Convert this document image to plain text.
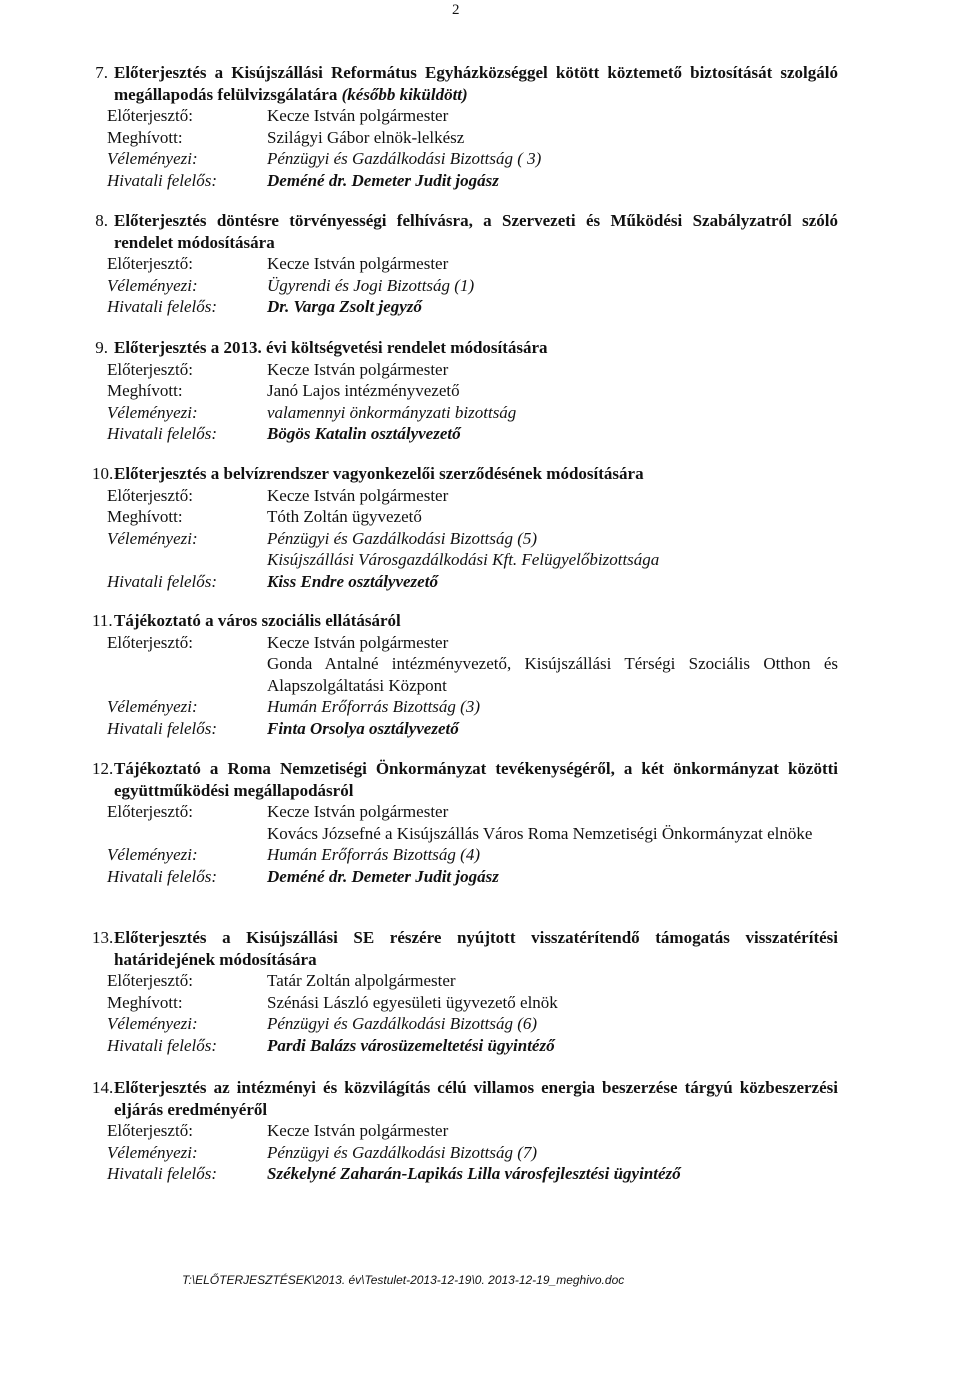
2
7. Előterjesztés a Kisújszállási Református Egyházközséggel kötött köztemető biztosítását szolgáló megállapodás felülvizsgálatára (később kiküldött)
Előterjesztő:	Kecze István polgármester
Meghívott:	Szilágyi Gábor elnök-lelkész
Véleményezi:	Pénzügyi és Gazdálkodási Bizottság ( 3)
Hivatali felelős:	Deméné dr. Demeter Judit jogász
8. Előterjesztés döntésre törvényességi felhívásra, a Szervezeti és Működési Szabályzatról szóló rendelet módosítására
Előterjesztő:	Kecze István polgármester
Véleményezi:	Ügyrendi és Jogi Bizottság (1)
Hivatali felelős:	Dr. Varga Zsolt jegyző
9. Előterjesztés a 2013. évi költségvetési rendelet módosítására
Előterjesztő:	Kecze István polgármester
Meghívott:	Janó Lajos intézményvezető
Véleményezi:	valamennyi önkormányzati bizottság
Hivatali felelős:	Bögös Katalin osztályvezető
10. Előterjesztés a belvízrendszer vagyonkezelői szerződésének módosítására
Előterjesztő:	Kecze István polgármester
Meghívott:	Tóth Zoltán ügyvezető
Véleményezi:	Pénzügyi és Gazdálkodási Bizottság (5)
Kisújszállási Városgazdálkodási Kft. Felügyelőbizottsága
Hivatali felelős:	Kiss Endre osztályvezető
11. Tájékoztató a város szociális ellátásáról
Előterjesztő:	Kecze István polgármester
Gonda Antalné intézményvezető, Kisújszállási Térségi Szociális Otthon és Alapszolgáltatási Központ
Véleményezi:	Humán Erőforrás Bizottság (3)
Hivatali felelős:	Finta Orsolya osztályvezető
12. Tájékoztató a Roma Nemzetiségi Önkormányzat tevékenységéről, a két önkormányzat közötti együttműködési megállapodásról
Előterjesztő:	Kecze István polgármester
Kovács Józsefné a Kisújszállás Város Roma Nemzetiségi Önkormányzat elnöke
Véleményezi:	Humán Erőforrás Bizottság (4)
Hivatali felelős:	Deméné dr. Demeter Judit jogász
13. Előterjesztés a Kisújszállási SE részére nyújtott visszatérítendő támogatás visszatérítési határidejének módosítására
Előterjesztő:	Tatár Zoltán alpolgármester
Meghívott:	Szénási László egyesületi ügyvezető elnök
Véleményezi:	Pénzügyi és Gazdálkodási Bizottság (6)
Hivatali felelős:	Pardi Balázs városüzemeltetési ügyintéző
14. Előterjesztés az intézményi és közvilágítás célú villamos energia beszerzése tárgyú közbeszerzési eljárás eredményéről
Előterjesztő:	Kecze István polgármester
Véleményezi:	Pénzügyi és Gazdálkodási Bizottság (7)
Hivatali felelős:	Székelyné Zaharán-Lapikás Lilla városfejlesztési ügyintéző
T:\ELŐTERJESZTÉSEK\2013. év\Testulet-2013-12-19\0. 2013-12-19_meghivo.doc
